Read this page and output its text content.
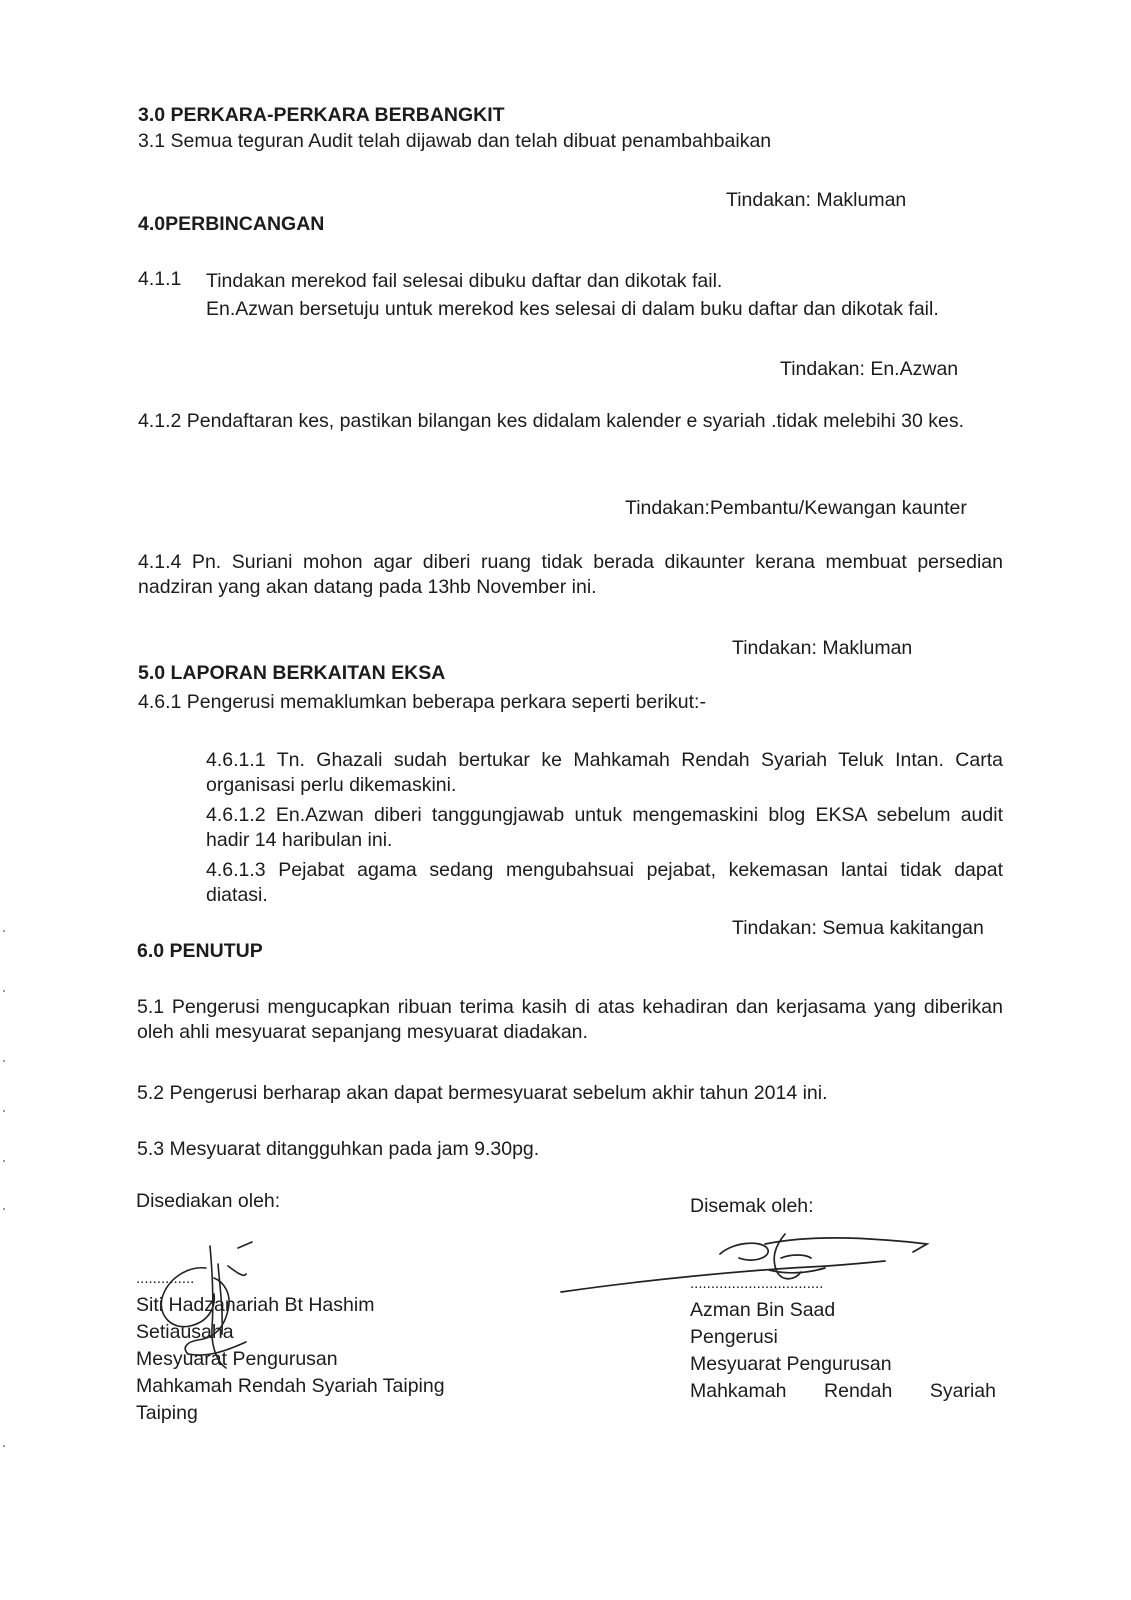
3.0 PERKARA-PERKARA BERBANGKIT
3.1 Semua teguran Audit telah dijawab dan telah dibuat penambahbaikan
Tindakan: Makluman
4.0PERBINCANGAN
4.1.1 Tindakan merekod fail selesai dibuku daftar dan dikotak fail.
En.Azwan bersetuju untuk merekod kes selesai di dalam buku daftar dan dikotak fail.
Tindakan: En.Azwan
4.1.2 Pendaftaran kes, pastikan bilangan kes didalam kalender e syariah .tidak melebihi 30 kes.
Tindakan:Pembantu/Kewangan kaunter
4.1.4 Pn. Suriani mohon agar diberi ruang tidak berada dikaunter kerana membuat persedian nadziran yang akan datang pada 13hb November ini.
Tindakan: Makluman
5.0 LAPORAN BERKAITAN EKSA
4.6.1 Pengerusi memaklumkan beberapa perkara seperti berikut:-
4.6.1.1 Tn. Ghazali sudah bertukar ke Mahkamah Rendah Syariah Teluk Intan. Carta organisasi perlu dikemaskini.
4.6.1.2 En.Azwan diberi tanggungjawab untuk mengemaskini blog EKSA sebelum audit hadir 14 haribulan ini.
4.6.1.3 Pejabat agama sedang mengubahsuai pejabat, kekemasan lantai tidak dapat diatasi.
Tindakan: Semua kakitangan
6.0 PENUTUP
5.1 Pengerusi mengucapkan ribuan terima kasih di atas kehadiran dan kerjasama yang diberikan oleh ahli mesyuarat sepanjang mesyuarat diadakan.
5.2 Pengerusi berharap akan dapat bermesyuarat sebelum akhir tahun 2014 ini.
5.3 Mesyuarat ditangguhkan pada jam 9.30pg.
Disediakan oleh:
..............
Siti Hadzanariah Bt Hashim
Setiausaha
Mesyuarat Pengurusan
Mahkamah Rendah Syariah Taiping
Taiping
Disemak oleh:
................................
Azman Bin Saad
Pengerusi
Mesyuarat Pengurusan
Mahkamah Rendah Syariah
